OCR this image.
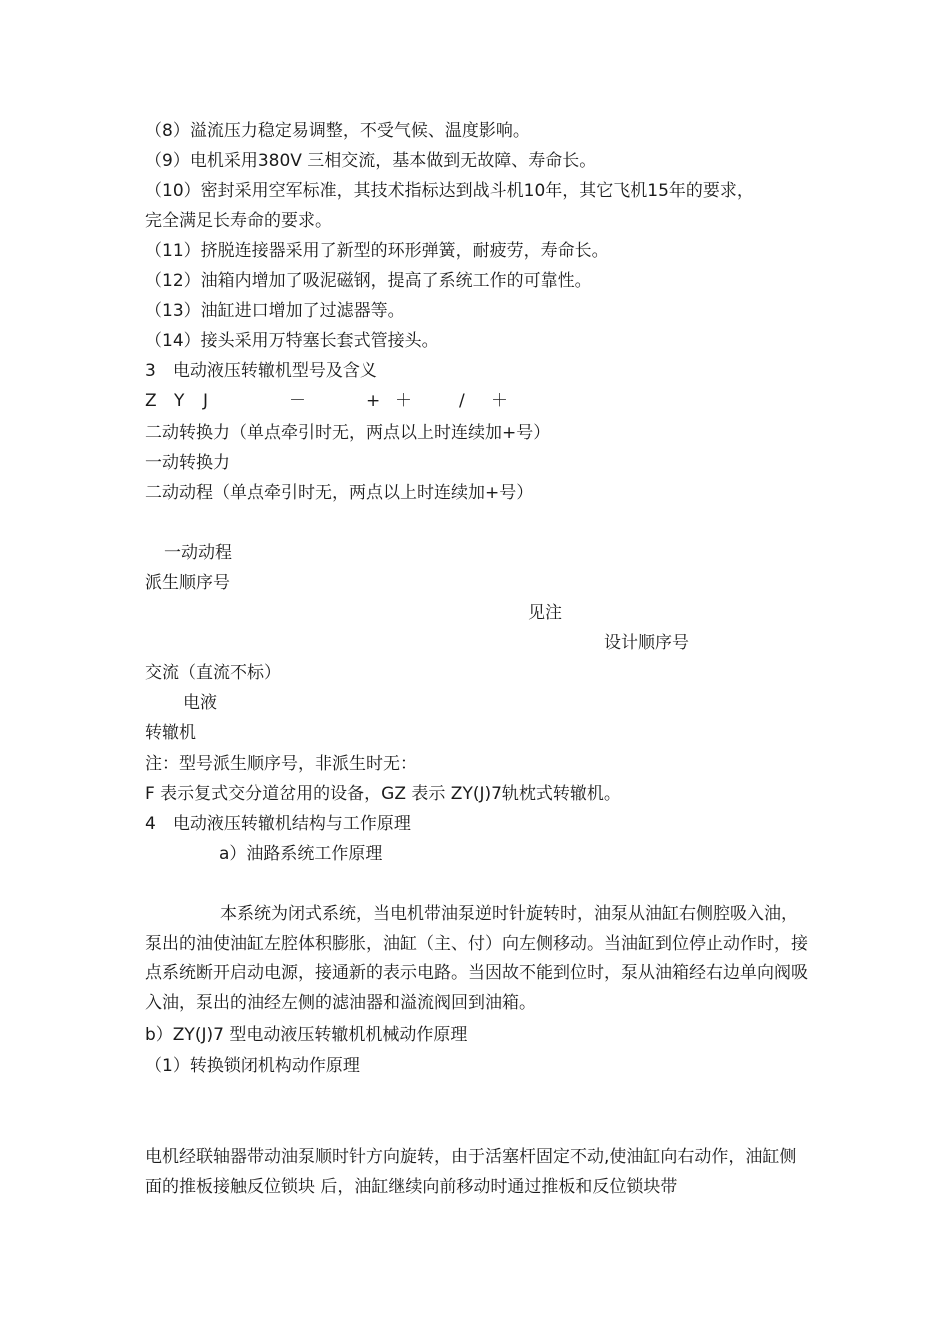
（8）溢流压力稳定易调整，不受气候、温度影响。
（9）电机采用380V 三相交流，基本做到无故障、寿命长。
（10）密封采用空军标准，其技术指标达到战斗机10年，其它飞机15年的要求，
完全满足长寿命的要求。
（11）挤脱连接器采用了新型的环形弹簧，耐疲劳，寿命长。
（12）油箱内增加了吸泥磁钢，提高了系统工作的可靠性。
（13）油缸进口增加了过滤器等。
（14）接头采用万特塞长套式管接头。
3　电动液压转辙机型号及含义
Z Y J	－	+ ＋	/ ＋
二动转换力（单点牵引时无，两点以上时连续加+号）
一动转换力
二动动程（单点牵引时无，两点以上时连续加+号）
一动动程
派生顺序号
见注
设计顺序号
交流（直流不标）
电液
转辙机
注：型号派生顺序号，非派生时无：
F 表示复式交分道岔用的设备，GZ 表示 ZY(J)7轨枕式转辙机。
4　电动液压转辙机结构与工作原理
a）油路系统工作原理
本系统为闭式系统，当电机带油泵逆时针旋转时，油泵从油缸右侧腔吸入油，泵出的油使油缸左腔体积膨胀，油缸（主、付）向左侧移动。当油缸到位停止动作时，接点系统断开启动电源，接通新的表示电路。当因故不能到位时，泵从油箱经右边单向阀吸入油，泵出的油经左侧的滤油器和溢流阀回到油箱。
b）ZY(J)7 型电动液压转辙机机械动作原理
（1）转换锁闭机构动作原理
电机经联轴器带动油泵顺时针方向旋转，由于活塞杆固定不动,使油缸向右动作，油缸侧面的推板接触反位锁块 后，油缸继续向前移动时通过推板和反位锁块带
